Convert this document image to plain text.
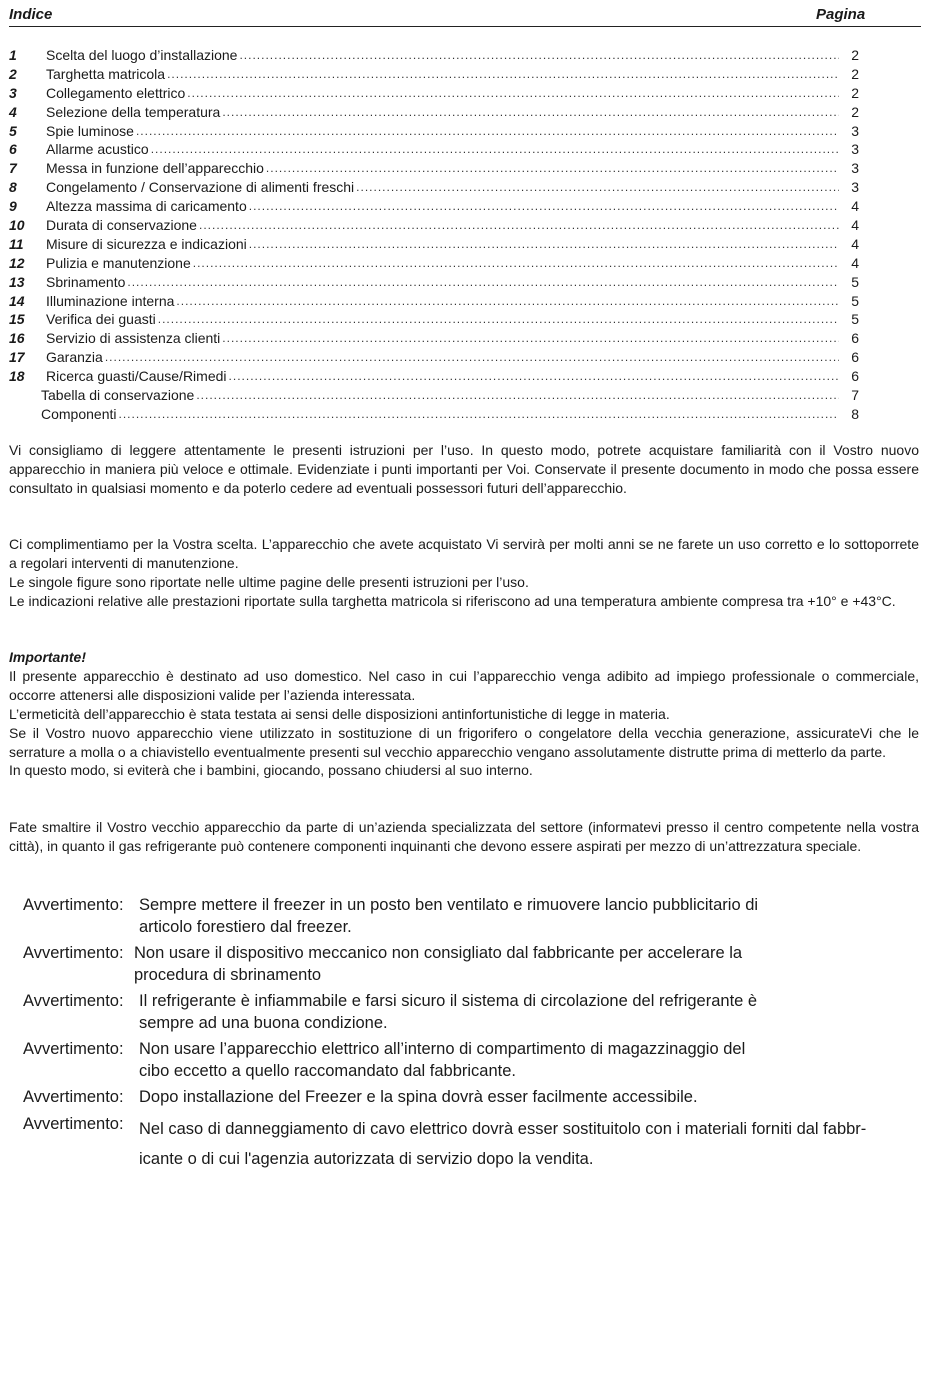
Indice	Pagina
1	Scelta del luogo d’installazione .....	2
2	Targhetta matricola .....	2
3	Collegamento elettrico .....	2
4	Selezione della temperatura .....	2
5	Spie luminose .....	3
6	Allarme acustico .....	3
7	Messa in funzione dell’apparecchio .....	3
8	Congelamento / Conservazione di alimenti freschi .....	3
9	Altezza massima di caricamento .....	4
10	Durata di conservazione .....	4
11	Misure di sicurezza e indicazioni .....	4
12	Pulizia e manutenzione .....	4
13	Sbrinamento .....	5
14	Illuminazione interna .....	5
15	Verifica dei guasti .....	5
16	Servizio di assistenza clienti .....	6
17	Garanzia .....	6
18	Ricerca guasti/Cause/Rimedi .....	6
Tabella di conservazione .....	7
Componenti .....	8

Vi consigliamo di leggere attentamente le presenti istruzioni per l’uso. In questo modo, potrete acquistare familiarità con il Vostro nuovo apparecchio in maniera più veloce e ottimale. Evidenziate i punti importanti per Voi. Conservate il presente documento in modo che possa essere consultato in qualsiasi momento e da poterlo cedere ad eventuali possessori futuri dell’apparecchio.

Ci complimentiamo per la Vostra scelta. L’apparecchio che avete acquistato Vi servirà per molti anni se ne farete un uso corretto e lo sottoporrete a regolari interventi di manutenzione.

Le singole figure sono riportate nelle ultime pagine delle presenti istruzioni per l’uso.

Le indicazioni relative alle prestazioni riportate sulla targhetta matricola si riferiscono ad una temperatura ambiente compresa tra +10° e +43°C.

Importante!

Il presente apparecchio è destinato ad uso domestico. Nel caso in cui l’apparecchio venga adibito ad impiego professionale o commerciale, occorre attenersi alle disposizioni valide per l’azienda interessata.

L’ermeticità dell’apparecchio è stata testata ai sensi delle disposizioni antinfortunistiche di legge in materia.

Se il Vostro nuovo apparecchio viene utilizzato in sostituzione di un frigorifero o congelatore della vecchia generazione, assicurateVi che le serrature a molla o a chiavistello eventualmente presenti sul vecchio apparecchio vengano assolutamente distrutte prima di metterlo da parte.

In questo modo, si eviterà che i bambini, giocando, possano chiudersi al suo interno.

Fate smaltire il Vostro vecchio apparecchio da parte di un’azienda specializzata del settore (informatevi presso il centro competente nella vostra città), in quanto il gas refrigerante può contenere componenti inquinanti che devono essere aspirati per mezzo di un’attrezzatura speciale.

Avvertimento: Sempre mettere il freezer in un posto ben ventilato e rimuovere lancio pubblicitario di
articolo forestiero dal freezer.
Avvertimento: Non usare il dispositivo meccanico non consigliato dal fabbricante per accelerare la
procedura di sbrinamento
Avvertimento: Il refrigerante è infiammabile e farsi sicuro il sistema di circolazione del refrigerante è
sempre ad una buona condizione.
Avvertimento: Non usare l’apparecchio elettrico all’interno di compartimento di magazzinaggio del
cibo eccetto a quello raccomandato dal fabbricante.
Avvertimento: Dopo installazione del Freezer e la spina dovrà esser facilmente accessibile.
Avvertimento: Nel caso di danneggiamento di cavo elettrico dovrà esser sostituitolo con i materiali forniti dal fabbr-
icante o di cui l'agenzia autorizzata di servizio dopo la vendita.
